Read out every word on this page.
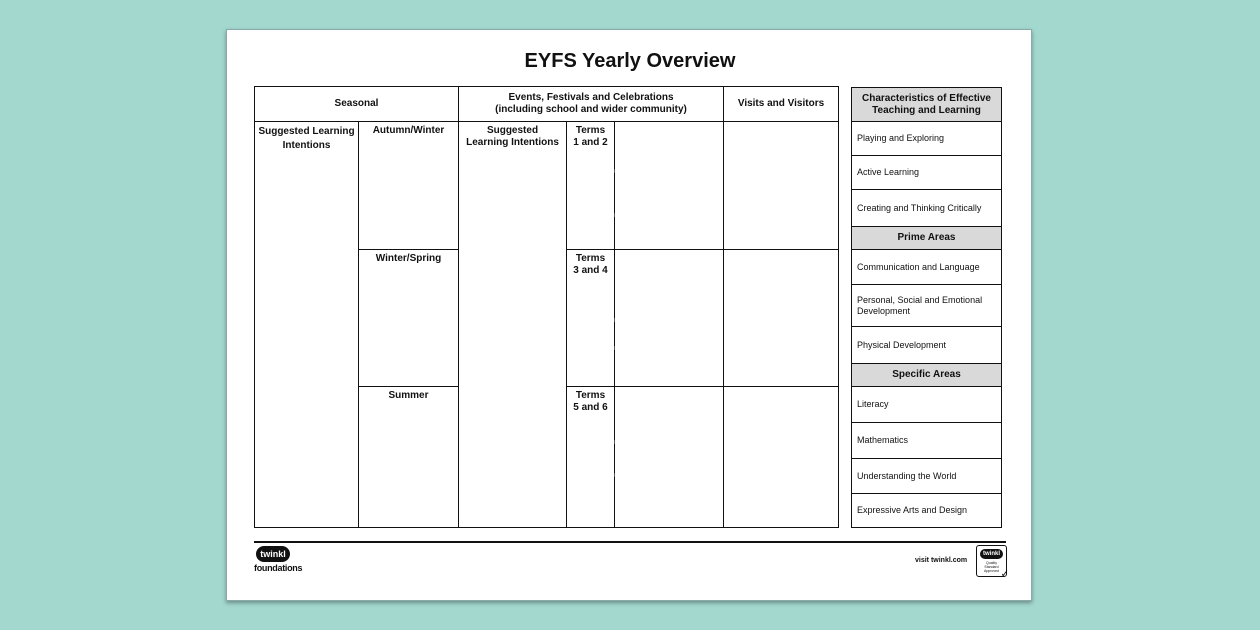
EYFS Yearly Overview
Seasonal
Events, Festivals and Celebrations
(including school and wider community)
Visits and Visitors
Suggested Learning Intentions
Autumn/Winter
Winter/Spring
Summer
Suggested Learning Intentions
Terms
1 and 2
Terms
3 and 4
Terms
5 and 6
Characteristics of Effective Teaching and Learning
Playing and Exploring
Active Learning
Creating and Thinking Critically
Prime Areas
Communication and Language
Personal, Social and Emotional Development
Physical Development
Specific Areas
Literacy
Mathematics
Understanding the World
Expressive Arts and Design
twinkl
foundations
visit twinkl.com
twinkl
Quality Standard Approved ✓
